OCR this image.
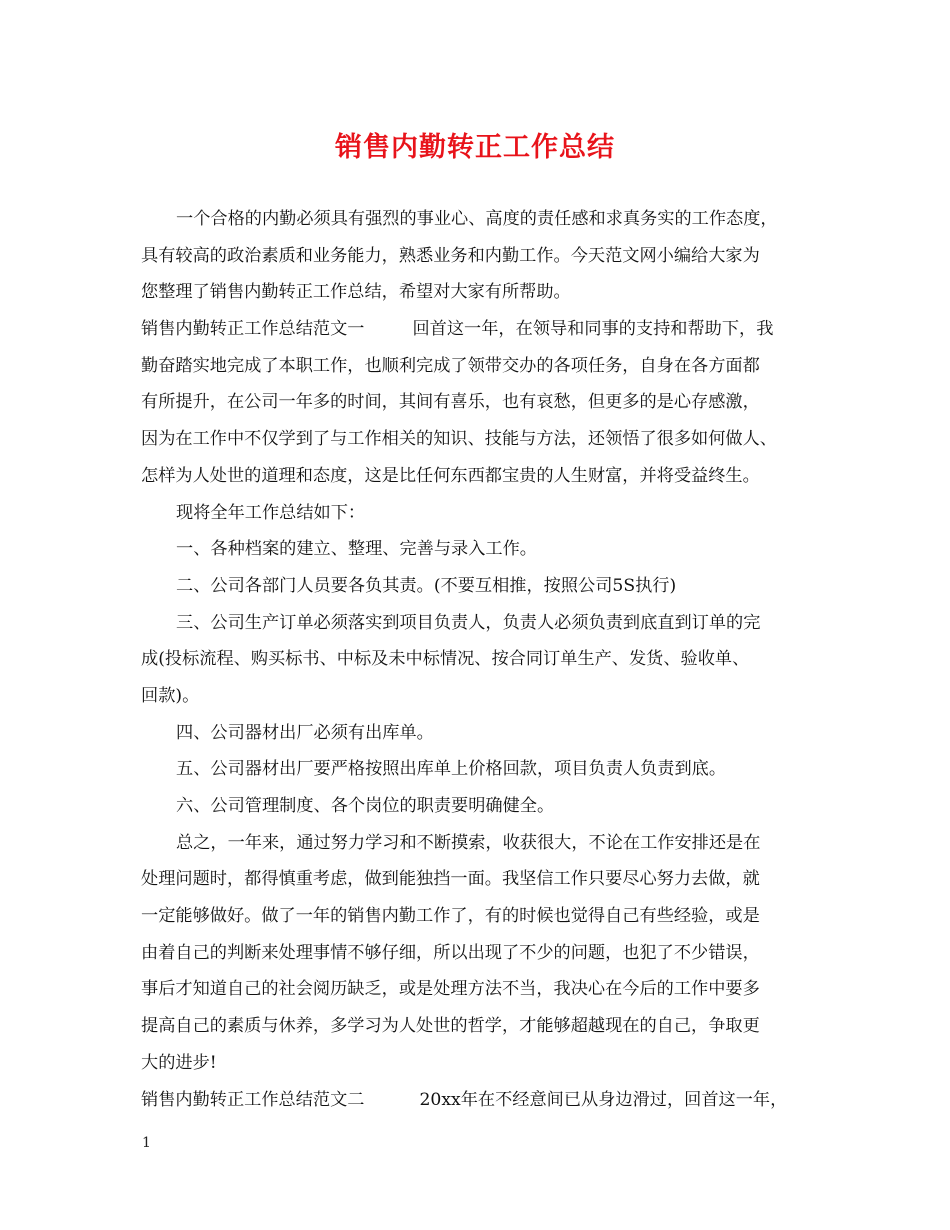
销售内勤转正工作总结
一个合格的内勤必须具有强烈的事业心、高度的责任感和求真务实的工作态度，
具有较高的政治素质和业务能力，熟悉业务和内勤工作。今天范文网小编给大家为
您整理了销售内勤转正工作总结，希望对大家有所帮助。
销售内勤转正工作总结范文一	回首这一年，在领导和同事的支持和帮助下，我
勤奋踏实地完成了本职工作，也顺利完成了领带交办的各项任务，自身在各方面都
有所提升，在公司一年多的时间，其间有喜乐，也有哀愁，但更多的是心存感激，
因为在工作中不仅学到了与工作相关的知识、技能与方法，还领悟了很多如何做人、
怎样为人处世的道理和态度，这是比任何东西都宝贵的人生财富，并将受益终生。
现将全年工作总结如下：
一、各种档案的建立、整理、完善与录入工作。
二、公司各部门人员要各负其责。(不要互相推，按照公司5S执行)
三、公司生产订单必须落实到项目负责人，负责人必须负责到底直到订单的完
成(投标流程、购买标书、中标及未中标情况、按合同订单生产、发货、验收单、
回款)。
四、公司器材出厂必须有出库单。
五、公司器材出厂要严格按照出库单上价格回款，项目负责人负责到底。
六、公司管理制度、各个岗位的职责要明确健全。
总之，一年来，通过努力学习和不断摸索，收获很大，不论在工作安排还是在
处理问题时，都得慎重考虑，做到能独挡一面。我坚信工作只要尽心努力去做，就
一定能够做好。做了一年的销售内勤工作了，有的时候也觉得自己有些经验，或是
由着自己的判断来处理事情不够仔细，所以出现了不少的问题，也犯了不少错误，
事后才知道自己的社会阅历缺乏，或是处理方法不当，我决心在今后的工作中要多
提高自己的素质与休养，多学习为人处世的哲学，才能够超越现在的自己，争取更
大的进步!
销售内勤转正工作总结范文二	20xx年在不经意间已从身边滑过，回首这一年，
1
